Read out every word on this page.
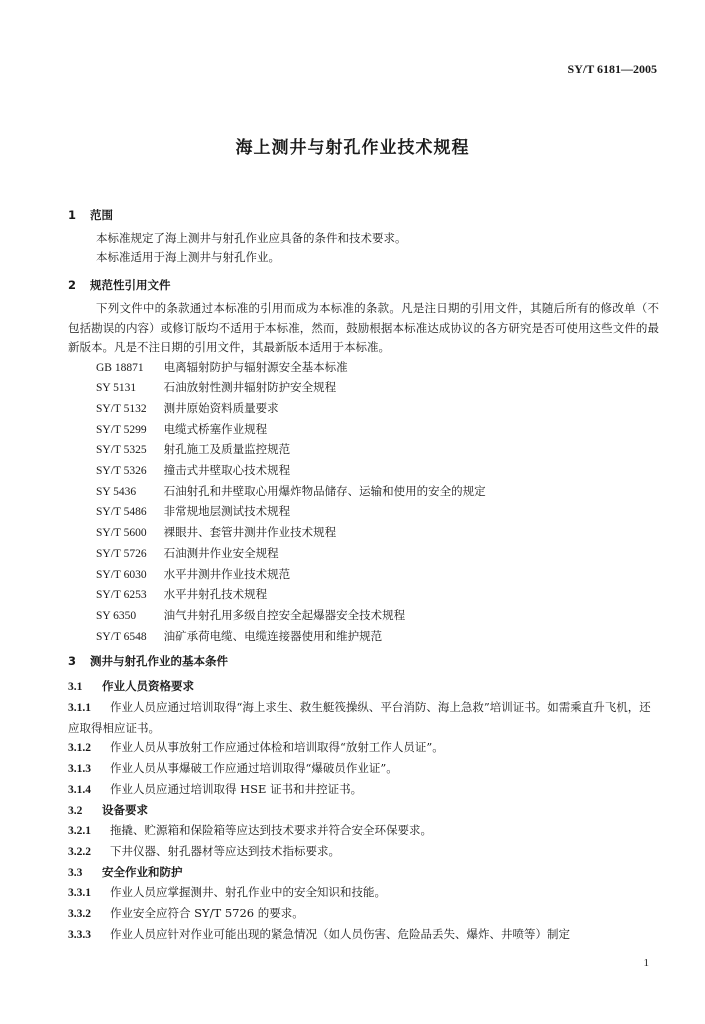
SY/T 6181—2005
海上测井与射孔作业技术规程

1 范围

本标准规定了海上测井与射孔作业应具备的条件和技术要求。

本标准适用于海上测井与射孔作业。

2 规范性引用文件

下列文件中的条款通过本标准的引用而成为本标准的条款。凡是注日期的引用文件，其随后所有的修改单（不包括勘误的内容）或修订版均不适用于本标准，然而，鼓励根据本标准达成协议的各方研究是否可使用这些文件的最新版本。凡是不注日期的引用文件，其最新版本适用于本标准。

GB 18871 电离辐射防护与辐射源安全基本标准
SY 5131 石油放射性测井辐射防护安全规程
SY/T 5132 测井原始资料质量要求
SY/T 5299 电缆式桥塞作业规程
SY/T 5325 射孔施工及质量监控规范
SY/T 5326 撞击式井壁取心技术规程
SY 5436 石油射孔和井壁取心用爆炸物品储存、运输和使用的安全的规定
SY/T 5486 非常规地层测试技术规程
SY/T 5600 裸眼井、套管井测井作业技术规程
SY/T 5726 石油测井作业安全规程
SY/T 6030 水平井测井作业技术规范
SY/T 6253 水平井射孔技术规程
SY 6350 油气井射孔用多级自控安全起爆器安全技术规程
SY/T 6548 油矿承荷电缆、电缆连接器使用和维护规范

3 测井与射孔作业的基本条件

3.1 作业人员资格要求

3.1.1 作业人员应通过培训取得“海上求生、救生艇筏操纵、平台消防、海上急救”培训证书。如需乘直升飞机，还应取得相应证书。

3.1.2 作业人员从事放射工作应通过体检和培训取得“放射工作人员证”。

3.1.3 作业人员从事爆破工作应通过培训取得“爆破员作业证”。

3.1.4 作业人员应通过培训取得 HSE 证书和井控证书。

3.2 设备要求

3.2.1 拖撬、贮源箱和保险箱等应达到技术要求并符合安全环保要求。

3.2.2 下井仪器、射孔器材等应达到技术指标要求。

3.3 安全作业和防护

3.3.1 作业人员应掌握测井、射孔作业中的安全知识和技能。

3.3.2 作业安全应符合 SY/T 5726 的要求。

3.3.3 作业人员应针对作业可能出现的紧急情况（如人员伤害、危险品丢失、爆炸、井喷等）制定

1
